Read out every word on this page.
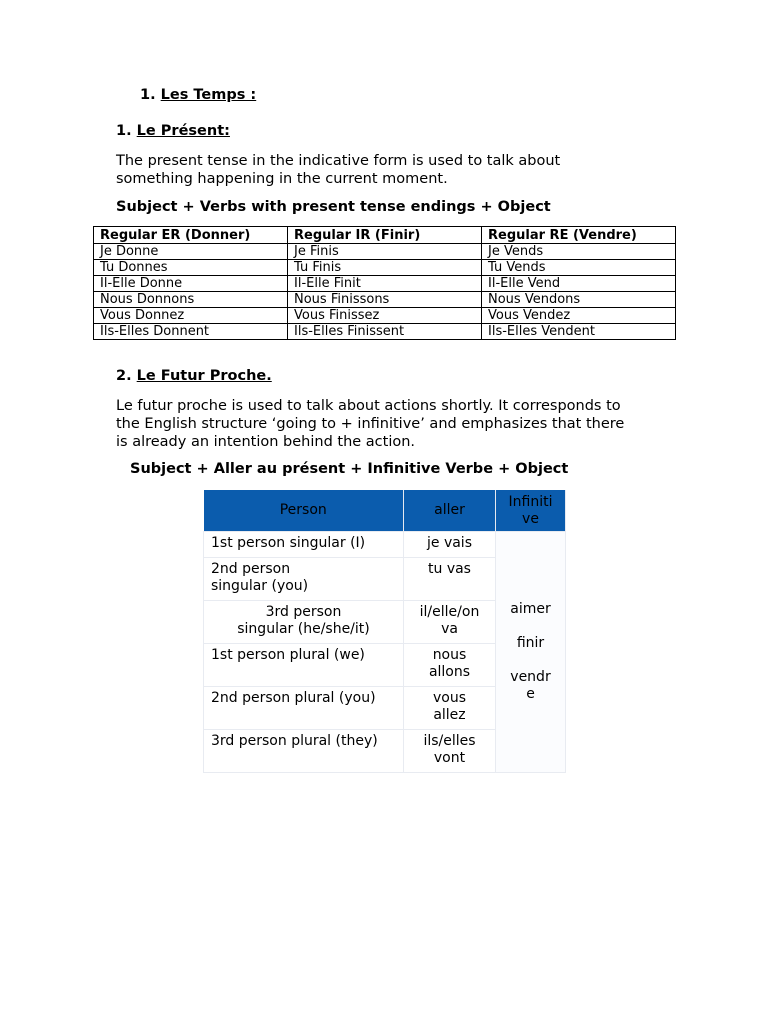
1. Les Temps :
1. Le Présent:
The present tense in the indicative form is used to talk about
something happening in the current moment.
Subject + Verbs with present tense endings + Object
Regular ER (Donner)	Regular IR (Finir)	Regular RE (Vendre)
Je Donne	Je Finis	Je Vends
Tu Donnes	Tu Finis	Tu Vends
Il-Elle Donne	Il-Elle Finit	Il-Elle Vend
Nous Donnons	Nous Finissons	Nous Vendons
Vous Donnez	Vous Finissez	Vous Vendez
Ils-Elles Donnent	Ils-Elles Finissent	Ils-Elles Vendent
2. Le Futur Proche.
Le futur proche is used to talk about actions shortly. It corresponds to
the English structure ‘going to + infinitive’ and emphasizes that there
is already an intention behind the action.
Subject + Aller au présent + Infinitive Verbe + Object
Person	aller	Infiniti
ve

1st person singular (I)	je vais	aimer
finir
vendr
e

2nd person
singular (you)	tu vas	

3rd person
singular (he/she/it)	il/elle/on
va	

1st person plural (we)	nous
allons	

2nd person plural (you)	vous
allez	

3rd person plural (they)	ils/elles
vont	
